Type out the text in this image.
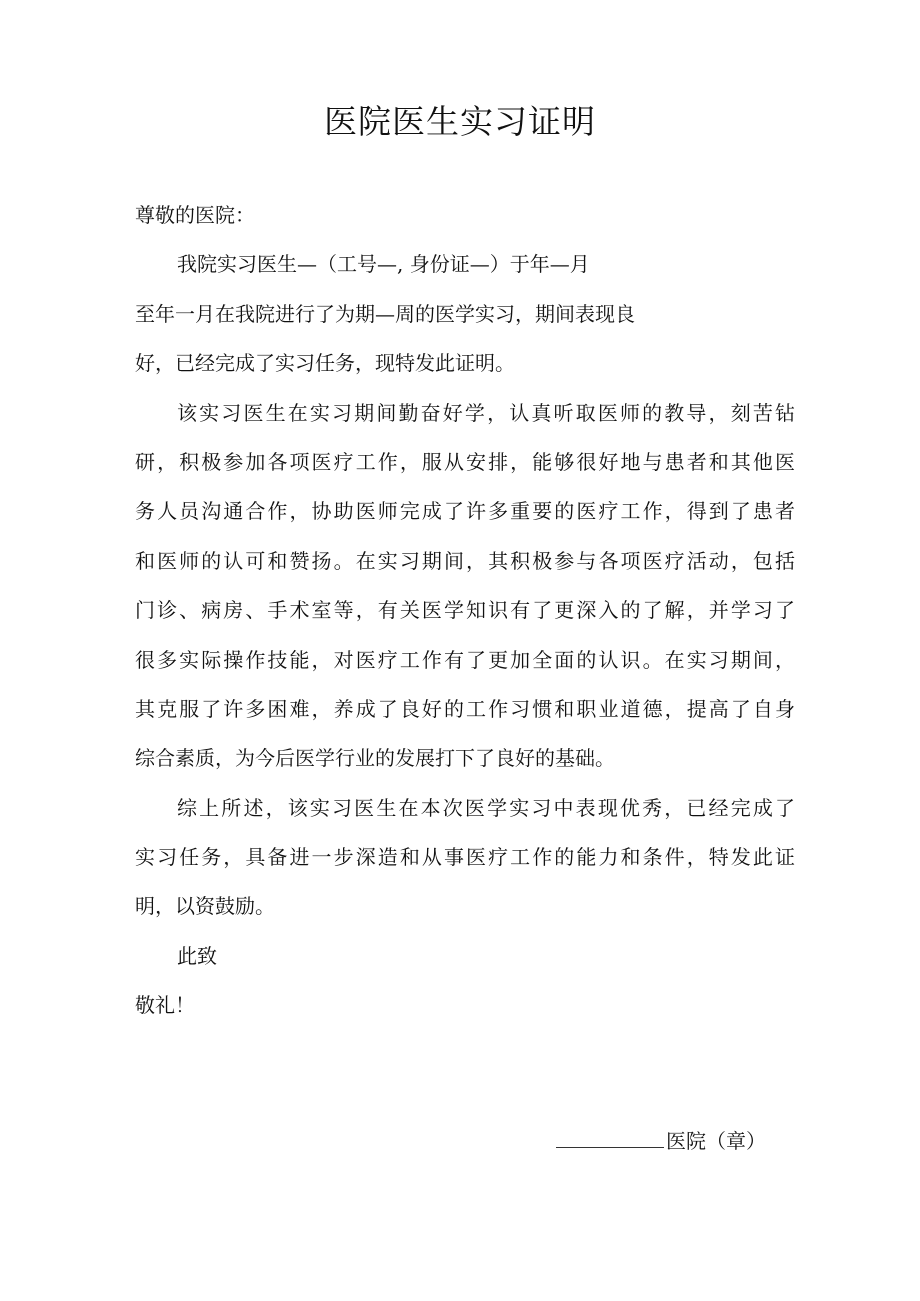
医院医生实习证明
尊敬的医院：
我院实习医生—（工号—, 身份证—）于年—月
至年一月在我院进行了为期—周的医学实习，期间表现良
好，已经完成了实习任务，现特发此证明。
该实习医生在实习期间勤奋好学，认真听取医师的教导，刻苦钻
研，积极参加各项医疗工作，服从安排，能够很好地与患者和其他医
务人员沟通合作，协助医师完成了许多重要的医疗工作，得到了患者
和医师的认可和赞扬。在实习期间，其积极参与各项医疗活动，包括
门诊、病房、手术室等，有关医学知识有了更深入的了解，并学习了
很多实际操作技能，对医疗工作有了更加全面的认识。在实习期间，
其克服了许多困难，养成了良好的工作习惯和职业道德，提高了自身
综合素质，为今后医学行业的发展打下了良好的基础。
综上所述，该实习医生在本次医学实习中表现优秀，已经完成了
实习任务，具备进一步深造和从事医疗工作的能力和条件，特发此证
明，以资鼓励。
此致
敬礼！
医院（章）
